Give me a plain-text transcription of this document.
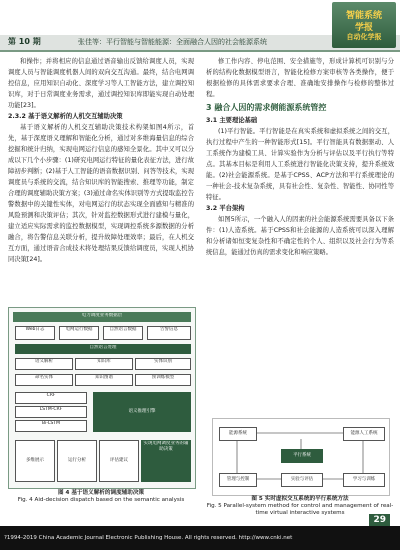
第 10 期	张佳等：平行智能与智能能源：全面融合人因的社会能源系统
智能系统
学报
自动化学报

和操作；并将相应的信息通过语音输出反馈给调度人员，实现调度人员与智能调度机器人间的双向交互沟通。最终，结合电网调控信息，应用知识自动化、深度学习等人工智能方法，建立调控知识库，对于日常调度业务需求，通过调控知识库即能实现自动处理功能[23]。

2.3.2 基于语义解析的人机交互辅助决策

基于语义解析的人机交互辅助决策技术构架如图4所示，首先，基于深度语义理解和智能化分析，通过对多维海量信息的综合挖掘和统计归纳，实现电网运行信息的感知全景化。其中又可以分成以下几个小步骤：(1)研究电网运行特征的量化表征方法，进行故障初步判断；(2)基于人工智能的语音数据识别、问答等技术，实现调度员与系统的交流，结合知识库的智能搜索、推理等功能，制定合理的调度辅助决策方案；(3)通过命名实体识别等方式提取监控告警数据中的关键性实体，对电网运行的状态实现全面感知与精准的风险预测和决策评估；其次，针对监控数据形式进行建模与量化，建立适应实际需求的监控数据模型，实现调控系统多源数据的分析融合，将告警信息关联分析，提升故障处理效率；最后，在人机交互方面，通过语音合成技术将处理结果反馈给调度员，实现人机协同决策[24]。

修工作内容、停电范围、安全措施等，形成计算机可识别与分析的结构化数据模型语言，智能化检修方案审核等各类操作，便于根据检修的具体需求要求合理、准确地安排操作与检修的整体过程。

3 融合人因的需求侧能源系统管控

3.1 主要理论基础

(1)平行智能。平行智能是在真实系统和虚拟系统之间的交互，执行过程中产生的一种智能形式[15]。平行智能具有数据驱动、人工系统作为建模工具、计算实验作为分析与评估以及平行执行等特点。其基本目标是利用人工系统进行智能化决策支持，提升系统效能。(2)社会能源系统。是基于CPSS、ACP方法和平行系统理论的一种社会-技术复杂系统，具有社会性、复杂性、智能性、协同性等特征。

3.2 平台架构

如图5所示，一个融入人的因素的社会能源系统需要具备以下条件：(1)人造系统。基于CPSS和社会能源的人造系统可以深入理解和分析诸如恒变复杂性和不确定性的个人、组织以及社会行为等系统信息，能通过仿真的需求变化和响应策略。

电力调度业务数据层
Web日志	电网运行数据	自然语言数据	告警信息
自然语言处理
语义解析	知识库	实体识别
命名实体	知识图谱	预训练模型
CRF
LSTM-CRF
Bi-LSTM
语义推理引擎
多维展示	运行分析	评估建议
实现电网调度业务的辅助决策
图 4 基于语义解析的调度辅助决策
Fig. 4 Aid-decision dispatch based on the semantic analysis
能源系统	能源人工系统
平行系统
管理与控制	实验与评估	学习与训练
图 5 实时虚拟交互系统的平行系统方法
Fig. 5 Parallel-system method for control and management of real-time virtual interactive systems
29
?1994-2019 China Academic Journal Electronic Publishing House. All rights reserved. http://www.cnki.net
